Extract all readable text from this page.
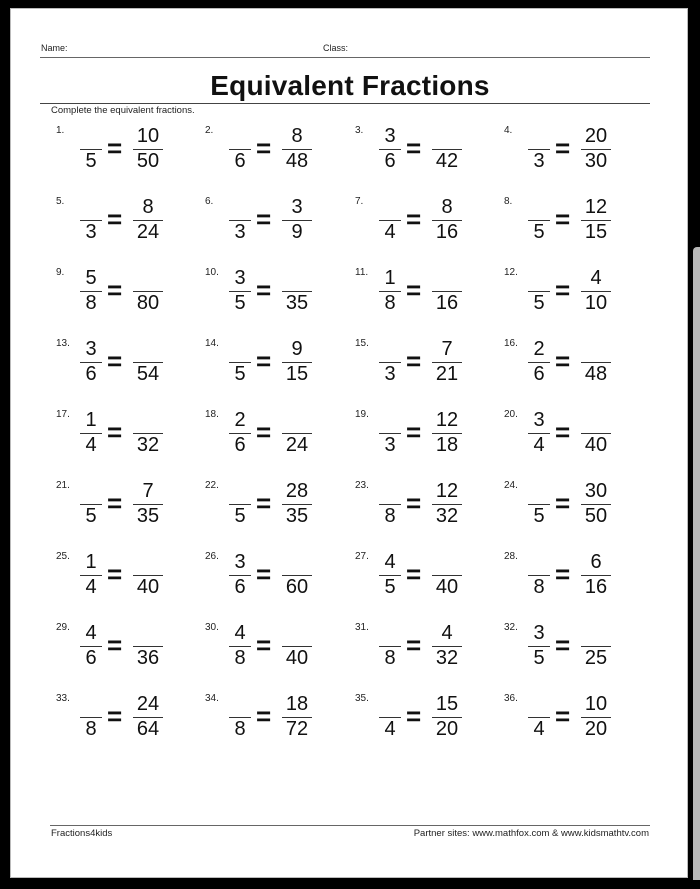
Name:	Class:
Equivalent Fractions
Complete the equivalent fractions.
1.
5 = 10
50
2.
6 =	8
48
3.	3
6 = 42
4.
3 = 20
30
5.
3 =	8
24
6.
3 =	3
9
7.
4 =	8
16
8.
5 = 12
15
9.	5
8 = 80
10. 3
5 = 35
11. 1
8 = 16
12.
5 =	4
10
13. 3
6 = 54
14.
5 =	9
15
15.
3 =	7
21
16. 2
6 = 48
17. 1
4 = 32
18. 2
6 = 24
19.
3 = 12
18
20. 3
4 = 40
21.
5 =	7
35
22.
5 = 28
35
23.
8 = 12
32
24.
5 = 30
50
25. 1
4 = 40
26. 3
6 = 60
27. 4
5 = 40
28.
8 =	6
16
29. 4
6 = 36
30. 4
8 = 40
31.
8 =	4
32
32. 3
5 = 25
33.
8 = 24
64
34.
8 = 18
72
35.
4 = 15
20
36.
4 = 10
20
Fractions4kids	Partner sites: www.mathfox.com & www.kidsmathtv.com
